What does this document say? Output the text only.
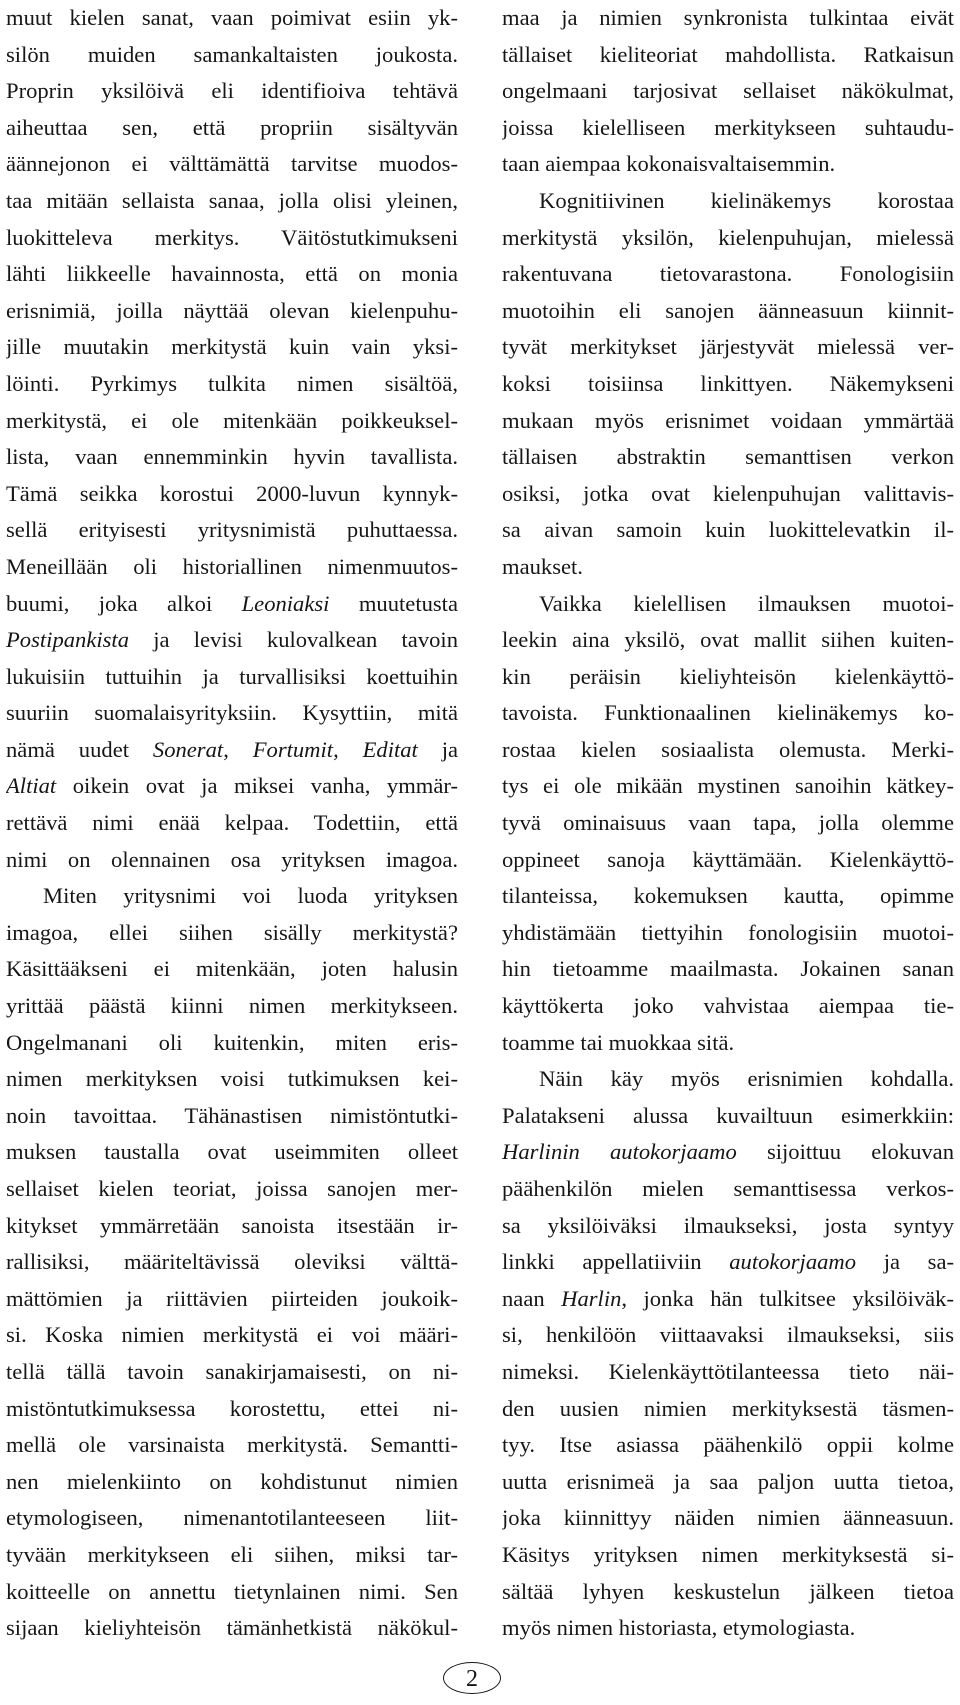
muut kielen sanat, vaan poimivat esiin yk-
silön muiden samankaltaisten joukosta.
Proprin yksilöivä eli identifioiva tehtävä
aiheuttaa sen, että propriin sisältyvän
äännejonon ei välttämättä tarvitse muodos-
taa mitään sellaista sanaa, jolla olisi yleinen,
luokitteleva merkitys. Väitöstutkimukseni
lähti liikkeelle havainnosta, että on monia
erisnimiä, joilla näyttää olevan kielenpuhu-
jille muutakin merkitystä kuin vain yksi-
löinti. Pyrkimys tulkita nimen sisältöä,
merkitystä, ei ole mitenkään poikkeuksel-
lista, vaan ennemminkin hyvin tavallista.
Tämä seikka korostui 2000-luvun kynnyk-
sellä erityisesti yritysnimistä puhuttaessa.
Meneillään oli historiallinen nimenmuutos-
buumi, joka alkoi Leoniaksi muutetusta
Postipankista ja levisi kulovalkean tavoin
lukuisiin tuttuihin ja turvallisiksi koettuihin
suuriin suomalaisyrityksiin. Kysyttiin, mitä
nämä uudet Sonerat, Fortumit, Editat ja
Altiat oikein ovat ja miksei vanha, ymmär-
rettävä nimi enää kelpaa. Todettiin, että
nimi on olennainen osa yrityksen imagoa.
Miten yritysnimi voi luoda yrityksen
imagoa, ellei siihen sisälly merkitystä?
Käsittääkseni ei mitenkään, joten halusin
yrittää päästä kiinni nimen merkitykseen.
Ongelmanani oli kuitenkin, miten eris-
nimen merkityksen voisi tutkimuksen kei-
noin tavoittaa. Tähänastisen nimistöntutki-
muksen taustalla ovat useimmiten olleet
sellaiset kielen teoriat, joissa sanojen mer-
kitykset ymmärretään sanoista itsestään ir-
rallisiksi, määriteltävissä oleviksi välttä-
mättömien ja riittävien piirteiden joukoik-
si. Koska nimien merkitystä ei voi määri-
tellä tällä tavoin sanakirjamaisesti, on ni-
mistöntutkimuksessa korostettu, ettei ni-
mellä ole varsinaista merkitystä. Semantti-
nen mielenkiinto on kohdistunut nimien
etymologiseen, nimenantotilanteeseen liit-
tyvään merkitykseen eli siihen, miksi tar-
koitteelle on annettu tietynlainen nimi. Sen
sijaan kieliyhteisön tämänhetkistä näkökul-
maa ja nimien synkronista tulkintaa eivät
tällaiset kieliteoriat mahdollista. Ratkaisun
ongelmaani tarjosivat sellaiset näkökulmat,
joissa kielelliseen merkitykseen suhtaudu-
taan aiempaa kokonaisvaltaisemmin.
Kognitiivinen kielinäkemys korostaa
merkitystä yksilön, kielenpuhujan, mielessä
rakentuvana tietovarastona. Fonologisiin
muotoihin eli sanojen äänneasuun kiinnit-
tyvät merkitykset järjestyvät mielessä ver-
koksi toisiinsa linkittyen. Näkemykseni
mukaan myös erisnimet voidaan ymmärtää
tällaisen abstraktin semanttisen verkon
osiksi, jotka ovat kielenpuhujan valittavis-
sa aivan samoin kuin luokittelevatkin il-
maukset.
Vaikka kielellisen ilmauksen muotoi-
leekin aina yksilö, ovat mallit siihen kuiten-
kin peräisin kieliyhteisön kielenkäyttö-
tavoista. Funktionaalinen kielinäkemys ko-
rostaa kielen sosiaalista olemusta. Merki-
tys ei ole mikään mystinen sanoihin kätkey-
tyvä ominaisuus vaan tapa, jolla olemme
oppineet sanoja käyttämään. Kielenkäyttö-
tilanteissa, kokemuksen kautta, opimme
yhdistämään tiettyihin fonologisiin muotoi-
hin tietoamme maailmasta. Jokainen sanan
käyttökerta joko vahvistaa aiempaa tie-
toamme tai muokkaa sitä.
Näin käy myös erisnimien kohdalla.
Palatakseni alussa kuvailtuun esimerkkiin:
Harlinin autokorjaamo sijoittuu elokuvan
päähenkilön mielen semanttisessa verkos-
sa yksilöiväksi ilmaukseksi, josta syntyy
linkki appellatiiviin autokorjaamo ja sa-
naan Harlin, jonka hän tulkitsee yksilöiväk-
si, henkilöön viittaavaksi ilmaukseksi, siis
nimeksi. Kielenkäyttötilanteessa tieto näi-
den uusien nimien merkityksestä täsmen-
tyy. Itse asiassa päähenkilö oppii kolme
uutta erisnimeä ja saa paljon uutta tietoa,
joka kiinnittyy näiden nimien äänneasuun.
Käsitys yrityksen nimen merkityksestä si-
sältää lyhyen keskustelun jälkeen tietoa
myös nimen historiasta, etymologiasta.
2
